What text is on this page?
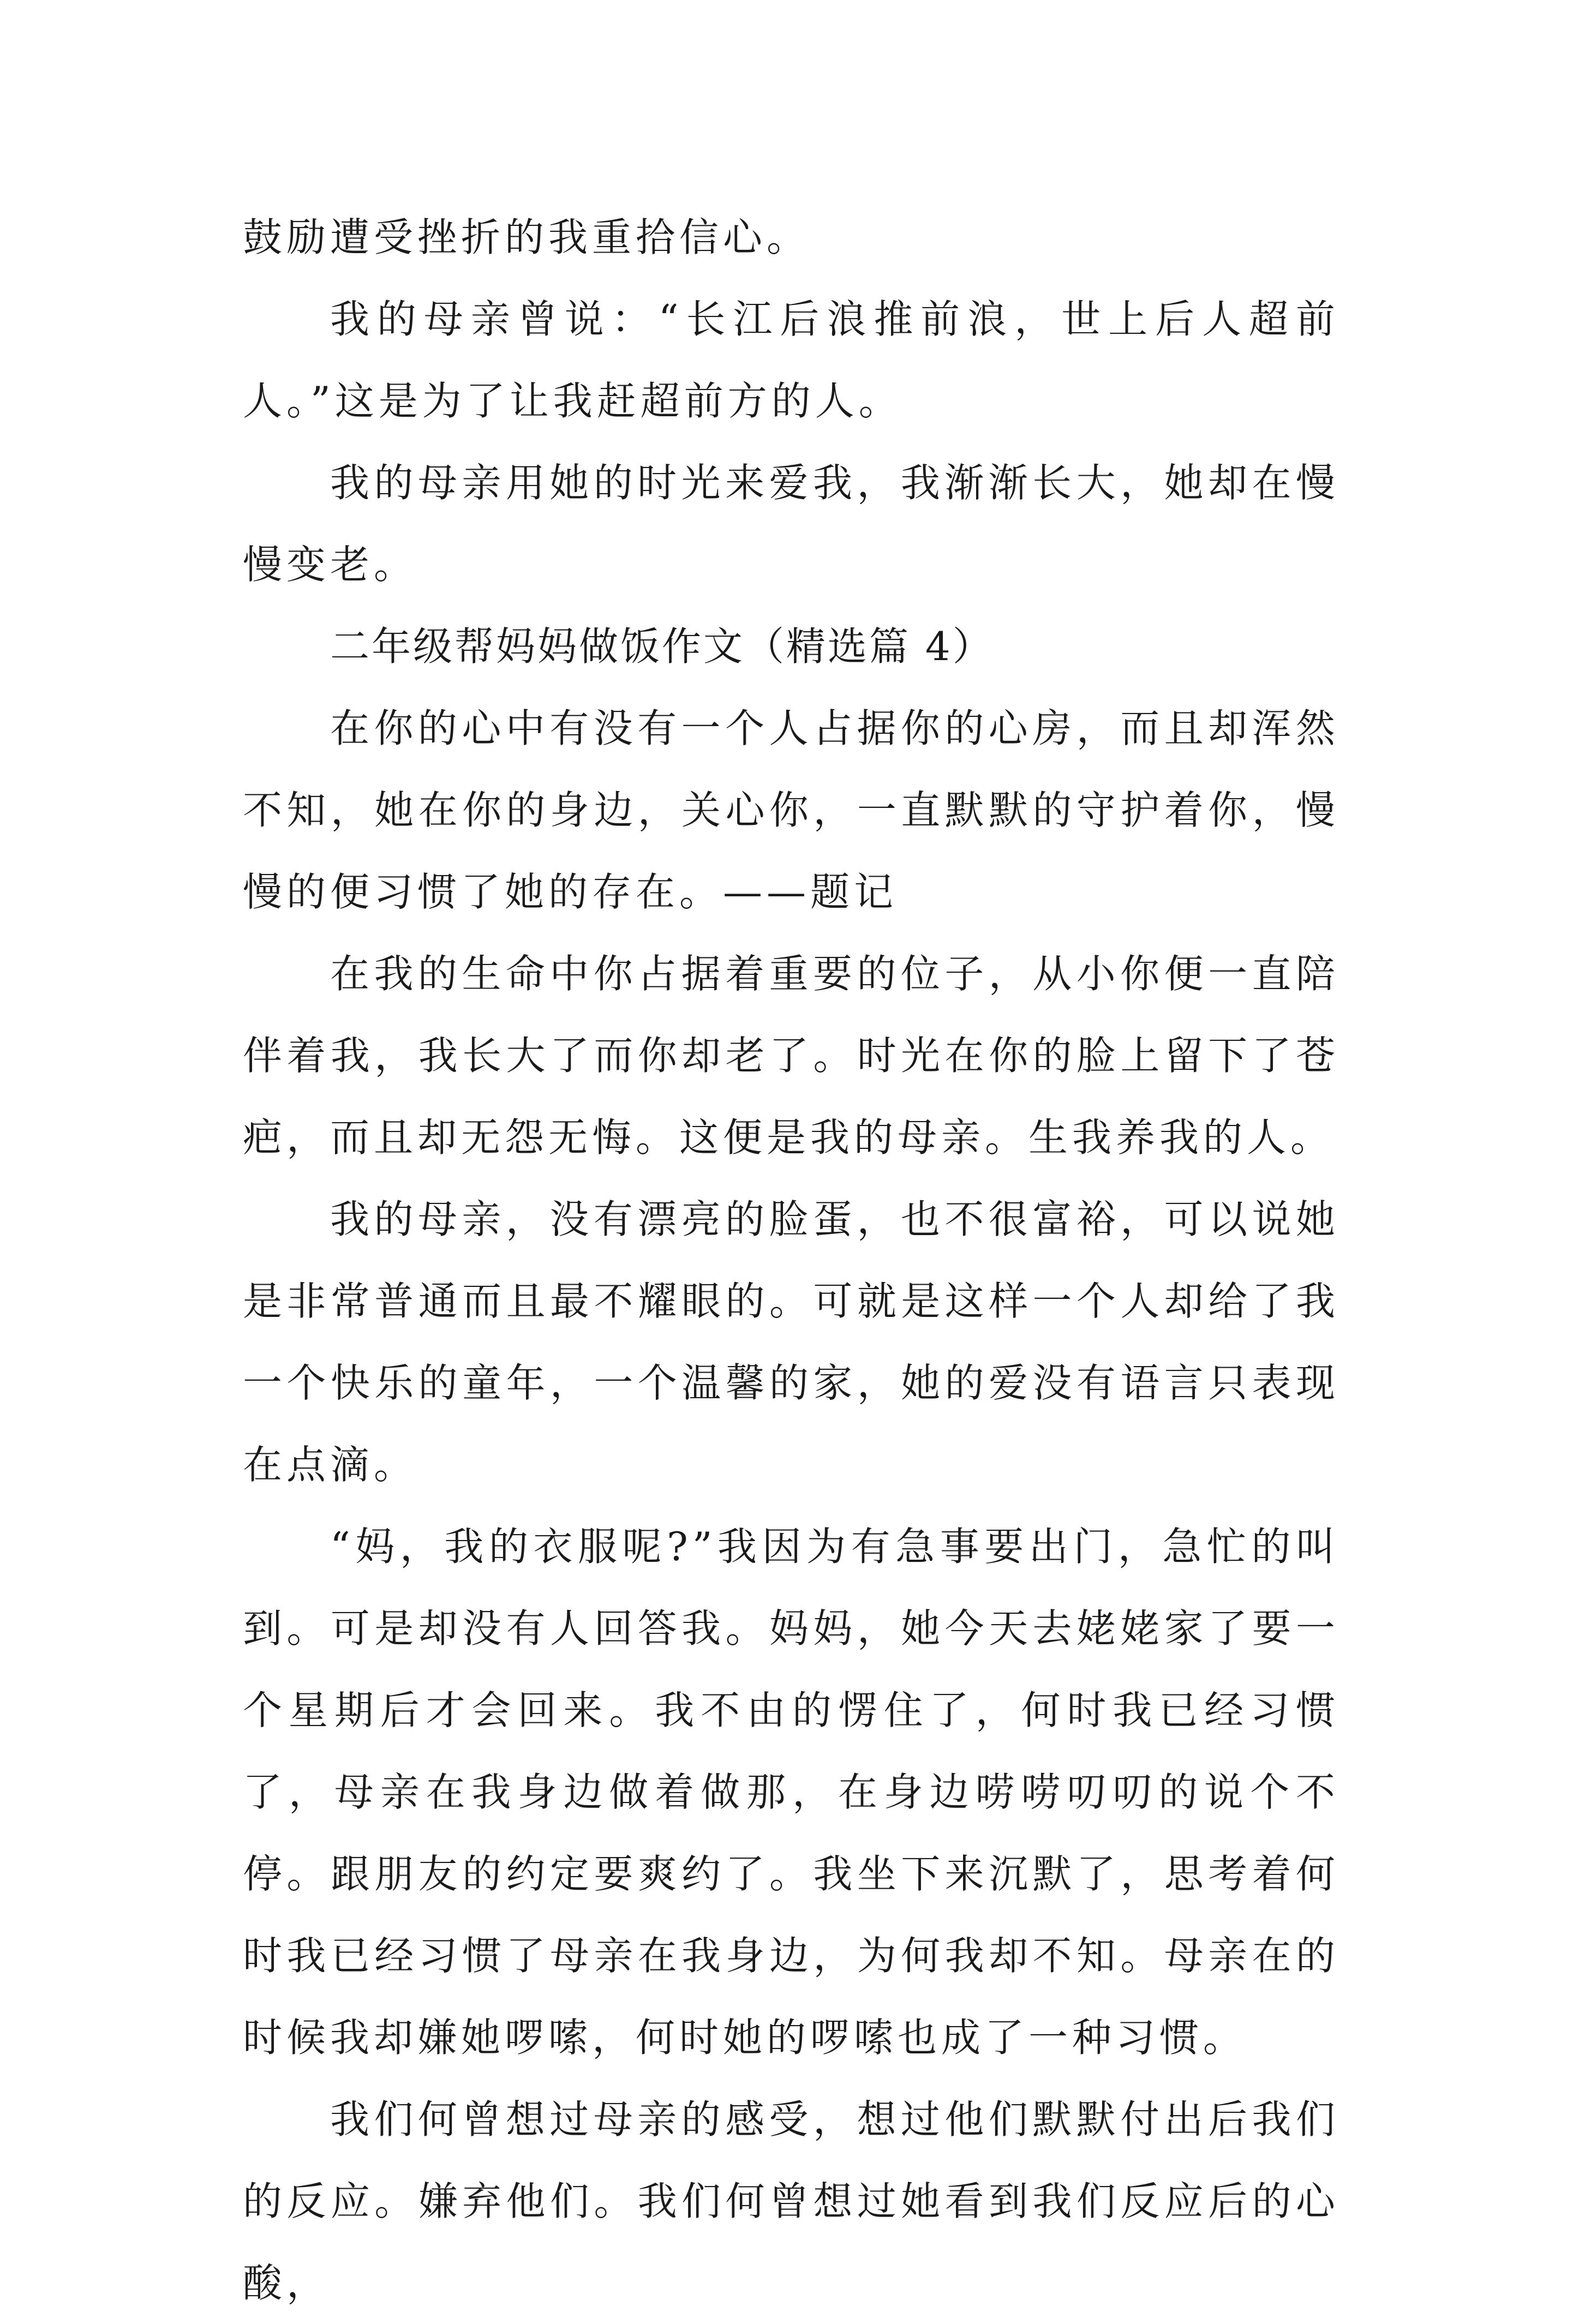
鼓励遭受挫折的我重拾信心。

我的母亲曾说：“长江后浪推前浪，世上后人超前人。”这是为了让我赶超前方的人。

我的母亲用她的时光来爱我，我渐渐长大，她却在慢慢变老。

二年级帮妈妈做饭作文（精选篇 4）

在你的心中有没有一个人占据你的心房，而且却浑然不知，她在你的身边，关心你，一直默默的守护着你，慢慢的便习惯了她的存在。——题记

在我的生命中你占据着重要的位子，从小你便一直陪伴着我，我长大了而你却老了。时光在你的脸上留下了苍疤，而且却无怨无悔。这便是我的母亲。生我养我的人。

我的母亲，没有漂亮的脸蛋，也不很富裕，可以说她是非常普通而且最不耀眼的。可就是这样一个人却给了我一个快乐的童年，一个温馨的家，她的爱没有语言只表现在点滴。

“妈，我的衣服呢?”我因为有急事要出门，急忙的叫到。可是却没有人回答我。妈妈，她今天去姥姥家了要一个星期后才会回来。我不由的愣住了，何时我已经习惯了，母亲在我身边做着做那，在身边唠唠叨叨的说个不停。跟朋友的约定要爽约了。我坐下来沉默了，思考着何时我已经习惯了母亲在我身边，为何我却不知。母亲在的时候我却嫌她啰嗦，何时她的啰嗦也成了一种习惯。

我们何曾想过母亲的感受，想过他们默默付出后我们的反应。嫌弃他们。我们何曾想过她看到我们反应后的心酸，
